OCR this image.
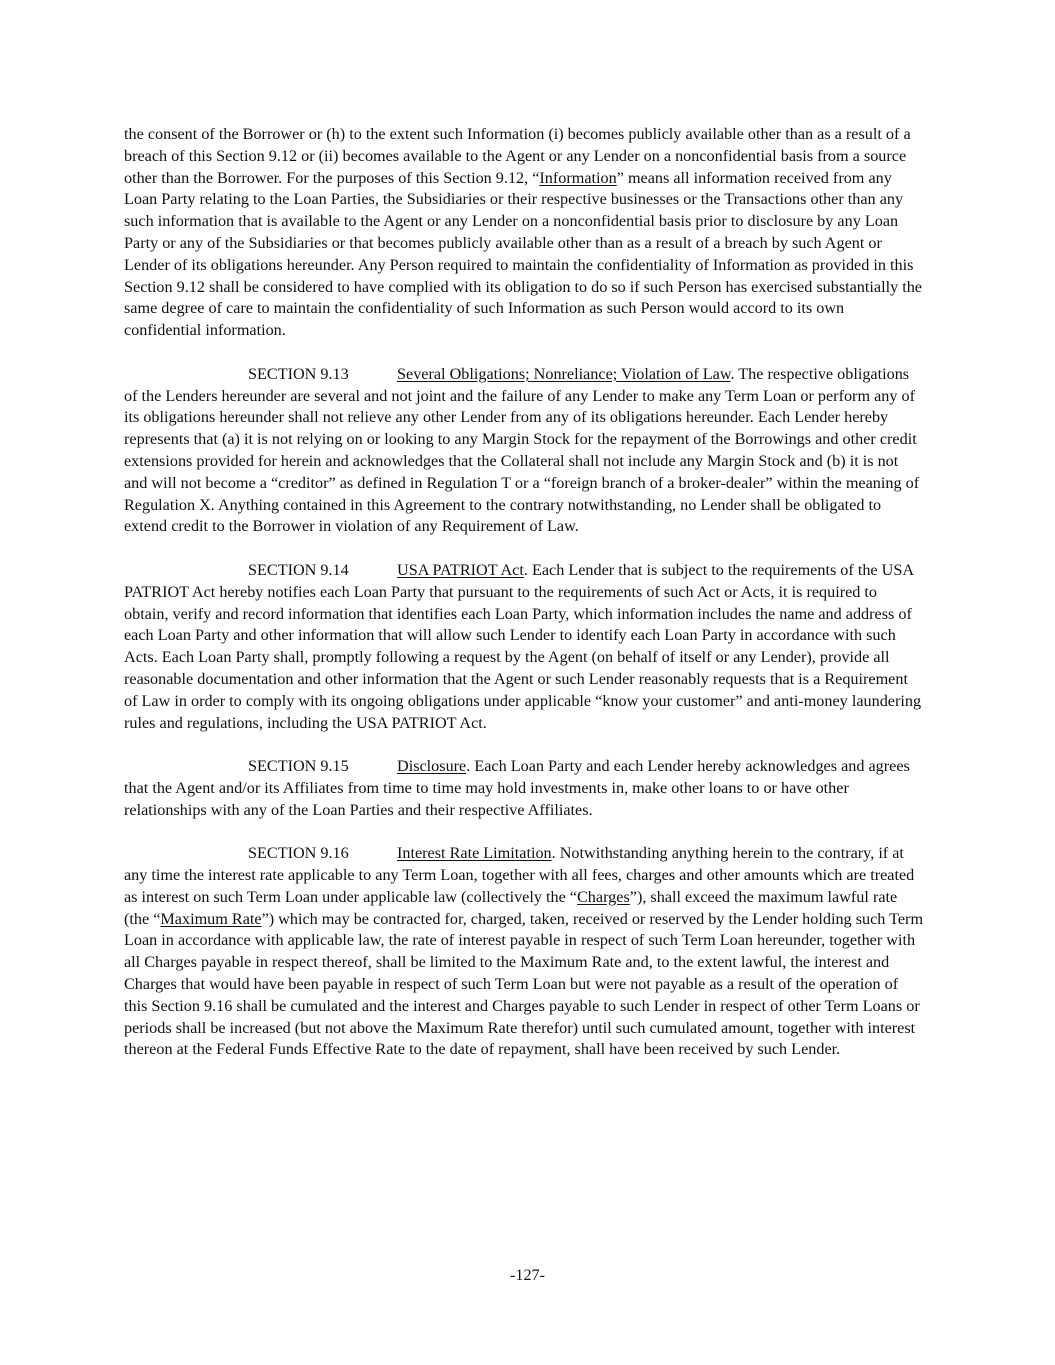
the consent of the Borrower or (h) to the extent such Information (i) becomes publicly available other than as a result of a breach of this Section 9.12 or (ii) becomes available to the Agent or any Lender on a nonconfidential basis from a source other than the Borrower. For the purposes of this Section 9.12, “Information” means all information received from any Loan Party relating to the Loan Parties, the Subsidiaries or their respective businesses or the Transactions other than any such information that is available to the Agent or any Lender on a nonconfidential basis prior to disclosure by any Loan Party or any of the Subsidiaries or that becomes publicly available other than as a result of a breach by such Agent or Lender of its obligations hereunder. Any Person required to maintain the confidentiality of Information as provided in this Section 9.12 shall be considered to have complied with its obligation to do so if such Person has exercised substantially the same degree of care to maintain the confidentiality of such Information as such Person would accord to its own confidential information.

SECTION 9.13	Several Obligations; Nonreliance; Violation of Law. The respective obligations of the Lenders hereunder are several and not joint and the failure of any Lender to make any Term Loan or perform any of its obligations hereunder shall not relieve any other Lender from any of its obligations hereunder. Each Lender hereby represents that (a) it is not relying on or looking to any Margin Stock for the repayment of the Borrowings and other credit extensions provided for herein and acknowledges that the Collateral shall not include any Margin Stock and (b) it is not and will not become a “creditor” as defined in Regulation T or a “foreign branch of a broker-dealer” within the meaning of Regulation X. Anything contained in this Agreement to the contrary notwithstanding, no Lender shall be obligated to extend credit to the Borrower in violation of any Requirement of Law.

SECTION 9.14	USA PATRIOT Act. Each Lender that is subject to the requirements of the USA PATRIOT Act hereby notifies each Loan Party that pursuant to the requirements of such Act or Acts, it is required to obtain, verify and record information that identifies each Loan Party, which information includes the name and address of each Loan Party and other information that will allow such Lender to identify each Loan Party in accordance with such Acts. Each Loan Party shall, promptly following a request by the Agent (on behalf of itself or any Lender), provide all reasonable documentation and other information that the Agent or such Lender reasonably requests that is a Requirement of Law in order to comply with its ongoing obligations under applicable “know your customer” and anti-money laundering rules and regulations, including the USA PATRIOT Act.

SECTION 9.15	Disclosure. Each Loan Party and each Lender hereby acknowledges and agrees that the Agent and/or its Affiliates from time to time may hold investments in, make other loans to or have other relationships with any of the Loan Parties and their respective Affiliates.

SECTION 9.16	Interest Rate Limitation. Notwithstanding anything herein to the contrary, if at any time the interest rate applicable to any Term Loan, together with all fees, charges and other amounts which are treated as interest on such Term Loan under applicable law (collectively the “Charges”), shall exceed the maximum lawful rate (the “Maximum Rate”) which may be contracted for, charged, taken, received or reserved by the Lender holding such Term Loan in accordance with applicable law, the rate of interest payable in respect of such Term Loan hereunder, together with all Charges payable in respect thereof, shall be limited to the Maximum Rate and, to the extent lawful, the interest and Charges that would have been payable in respect of such Term Loan but were not payable as a result of the operation of this Section 9.16 shall be cumulated and the interest and Charges payable to such Lender in respect of other Term Loans or periods shall be increased (but not above the Maximum Rate therefor) until such cumulated amount, together with interest thereon at the Federal Funds Effective Rate to the date of repayment, shall have been received by such Lender.

-127-
